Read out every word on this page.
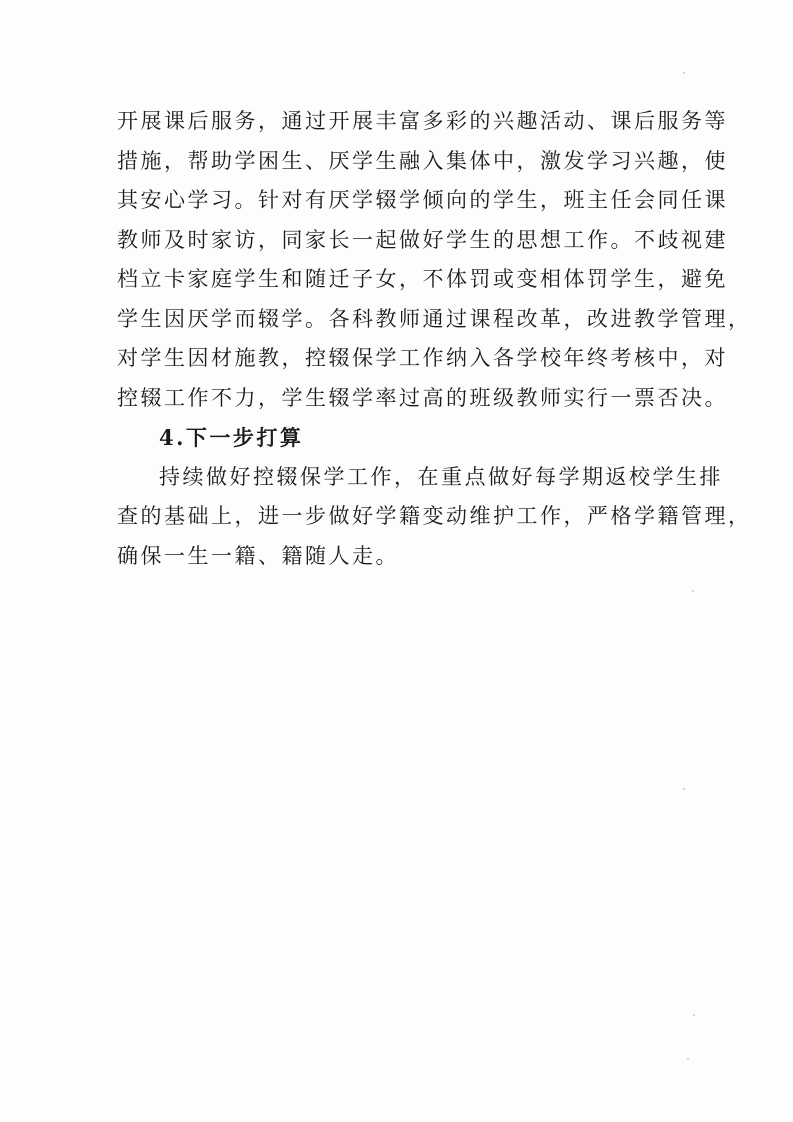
开展课后服务，通过开展丰富多彩的兴趣活动、课后服务等
措施，帮助学困生、厌学生融入集体中，激发学习兴趣，使
其安心学习。针对有厌学辍学倾向的学生，班主任会同任课
教师及时家访，同家长一起做好学生的思想工作。不歧视建
档立卡家庭学生和随迁子女，不体罚或变相体罚学生，避免
学生因厌学而辍学。各科教师通过课程改革，改进教学管理，
对学生因材施教，控辍保学工作纳入各学校年终考核中，对
控辍工作不力，学生辍学率过高的班级教师实行一票否决。
4.下一步打算
持续做好控辍保学工作，在重点做好每学期返校学生排
查的基础上，进一步做好学籍变动维护工作，严格学籍管理，
确保一生一籍、籍随人走。
